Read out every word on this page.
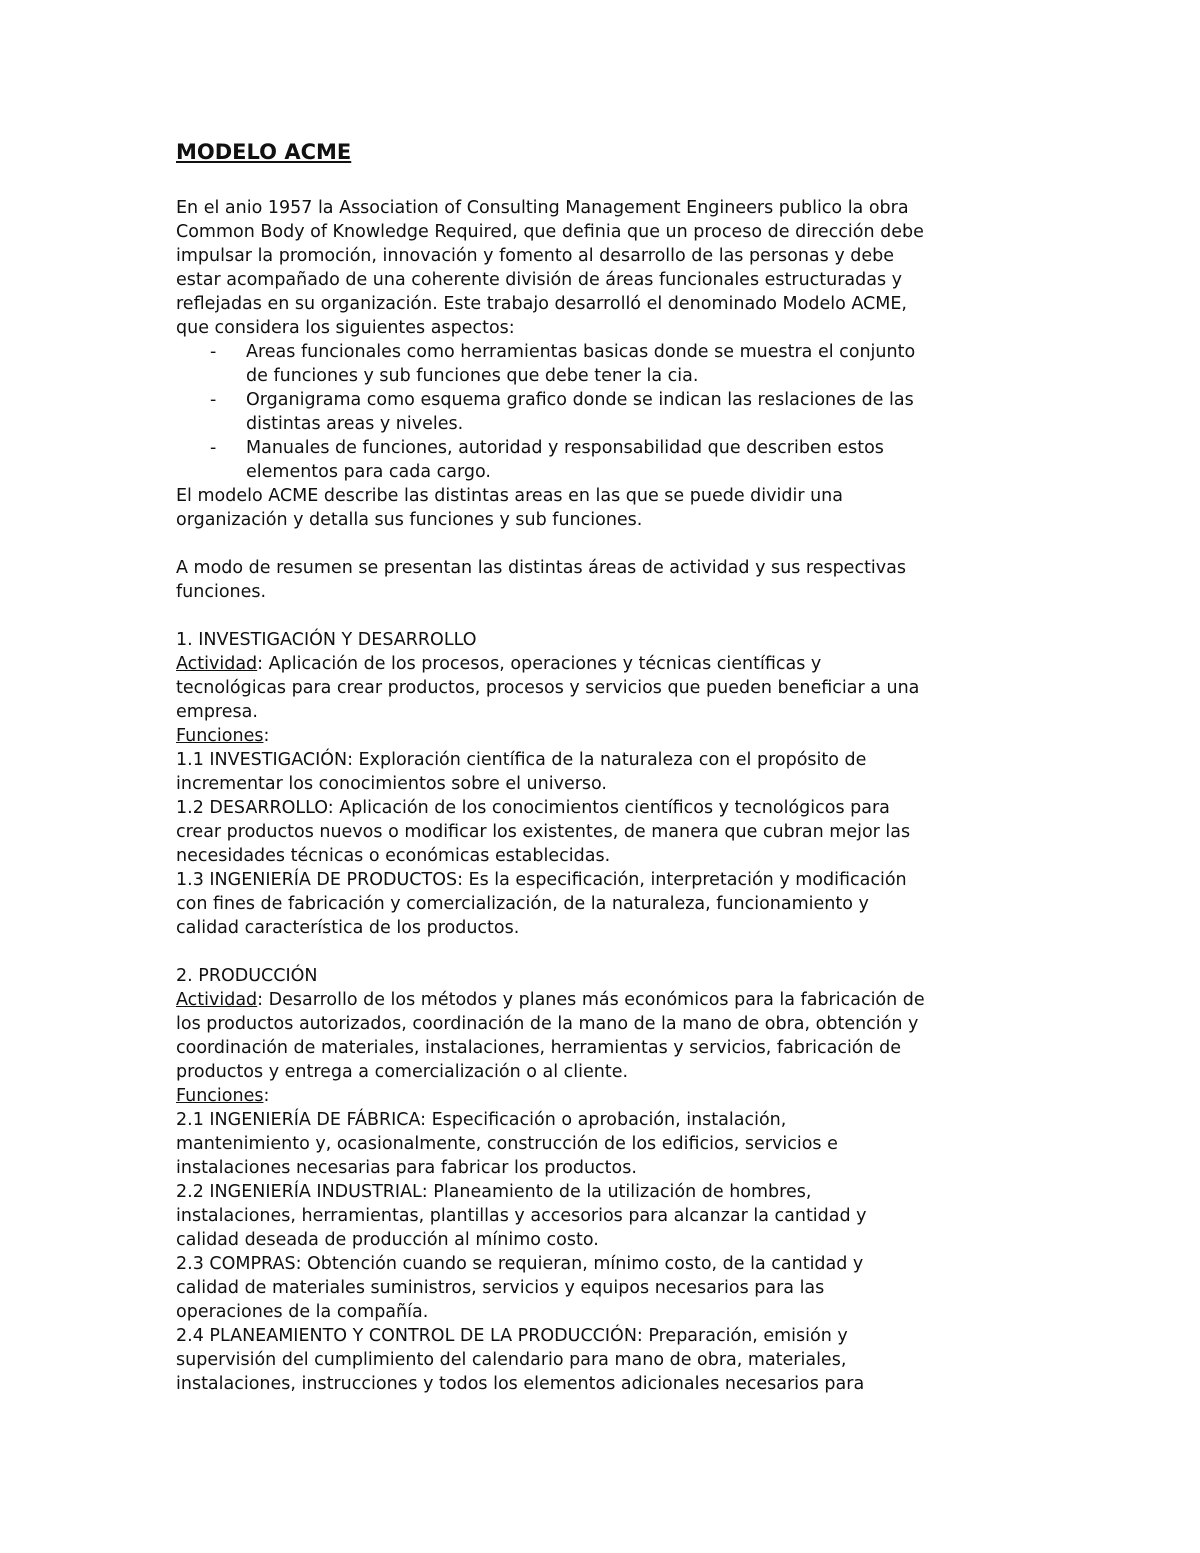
MODELO ACME

En el anio 1957 la Association of Consulting Management Engineers publico la obra
Common Body of Knowledge Required, que definia que un proceso de dirección debe
impulsar la promoción, innovación y fomento al desarrollo de las personas y debe
estar acompañado de una coherente división de áreas funcionales estructuradas y
reflejadas en su organización. Este trabajo desarrolló el denominado Modelo ACME,
que considera los siguientes aspectos:

- Areas funcionales como herramientas basicas donde se muestra el conjunto
de funciones y sub funciones que debe tener la cia.
- Organigrama como esquema grafico donde se indican las reslaciones de las
distintas areas y niveles.
- Manuales de funciones, autoridad y responsabilidad que describen estos
elementos para cada cargo.

El modelo ACME describe las distintas areas en las que se puede dividir una
organización y detalla sus funciones y sub funciones.

A modo de resumen se presentan las distintas áreas de actividad y sus respectivas
funciones.

1. INVESTIGACIÓN Y DESARROLLO

Actividad: Aplicación de los procesos, operaciones y técnicas científicas y
tecnológicas para crear productos, procesos y servicios que pueden beneficiar a una
empresa.

Funciones:

1.1 INVESTIGACIÓN: Exploración científica de la naturaleza con el propósito de
incrementar los conocimientos sobre el universo.

1.2 DESARROLLO: Aplicación de los conocimientos científicos y tecnológicos para
crear productos nuevos o modificar los existentes, de manera que cubran mejor las
necesidades técnicas o económicas establecidas.

1.3 INGENIERÍA DE PRODUCTOS: Es la especificación, interpretación y modificación
con fines de fabricación y comercialización, de la naturaleza, funcionamiento y
calidad característica de los productos.

2. PRODUCCIÓN

Actividad: Desarrollo de los métodos y planes más económicos para la fabricación de
los productos autorizados, coordinación de la mano de la mano de obra, obtención y
coordinación de materiales, instalaciones, herramientas y servicios, fabricación de
productos y entrega a comercialización o al cliente.

Funciones:

2.1 INGENIERÍA DE FÁBRICA: Especificación o aprobación, instalación,
mantenimiento y, ocasionalmente, construcción de los edificios, servicios e
instalaciones necesarias para fabricar los productos.

2.2 INGENIERÍA INDUSTRIAL: Planeamiento de la utilización de hombres,
instalaciones, herramientas, plantillas y accesorios para alcanzar la cantidad y
calidad deseada de producción al mínimo costo.

2.3 COMPRAS: Obtención cuando se requieran, mínimo costo, de la cantidad y
calidad de materiales suministros, servicios y equipos necesarios para las
operaciones de la compañía.

2.4 PLANEAMIENTO Y CONTROL DE LA PRODUCCIÓN: Preparación, emisión y
supervisión del cumplimiento del calendario para mano de obra, materiales,
instalaciones, instrucciones y todos los elementos adicionales necesarios para
